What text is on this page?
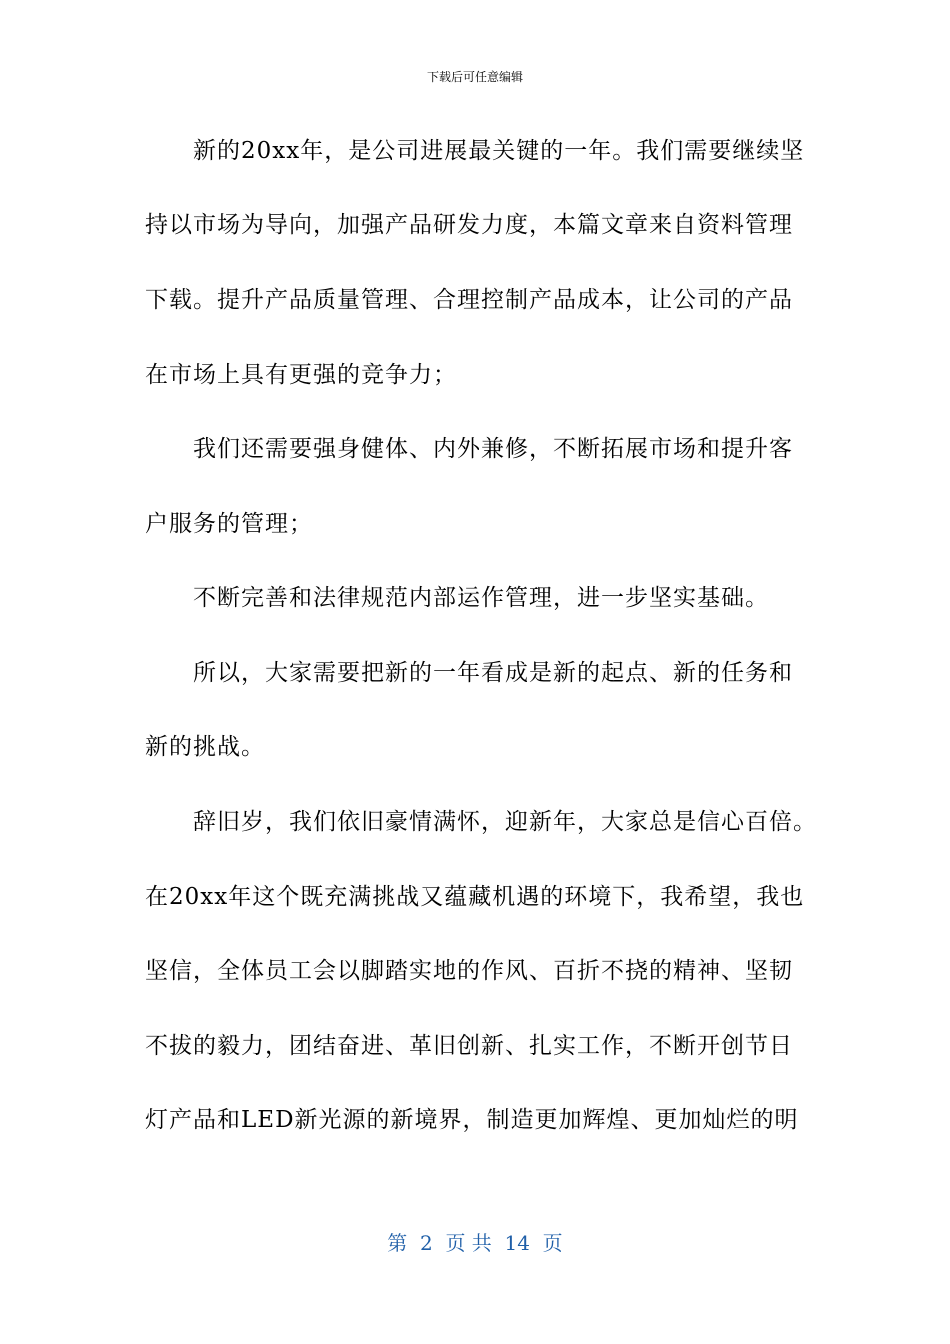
下载后可任意编辑
新的20xx年，是公司进展最关键的一年。我们需要继续坚
持以市场为导向，加强产品研发力度，本篇文章来自资料管理
下载。提升产品质量管理、合理控制产品成本，让公司的产品
在市场上具有更强的竞争力；
我们还需要强身健体、内外兼修，不断拓展市场和提升客
户服务的管理；
不断完善和法律规范内部运作管理，进一步坚实基础。
所以，大家需要把新的一年看成是新的起点、新的任务和
新的挑战。
辞旧岁，我们依旧豪情满怀，迎新年，大家总是信心百倍。
在20xx年这个既充满挑战又蕴藏机遇的环境下，我希望，我也
坚信，全体员工会以脚踏实地的作风、百折不挠的精神、坚韧
不拔的毅力，团结奋进、革旧创新、扎实工作，不断开创节日
灯产品和LED新光源的新境界，制造更加辉煌、更加灿烂的明
第  2  页 共  14  页
